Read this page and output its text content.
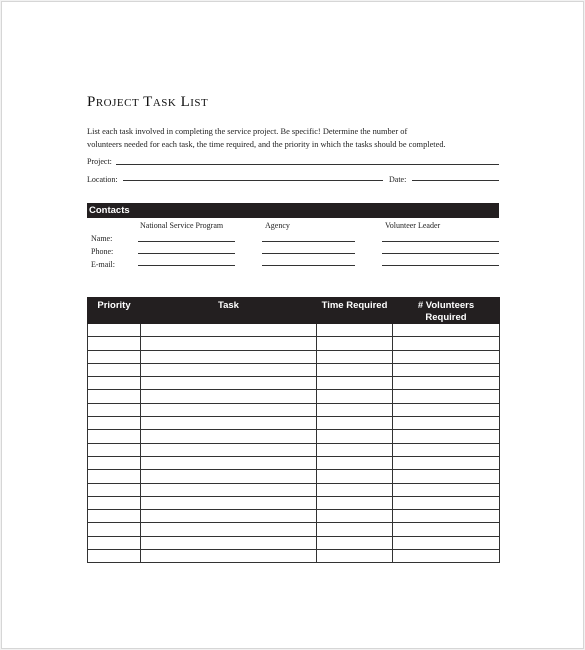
Project Task List
List each task involved in completing the service project. Be specific! Determine the number of
volunteers needed for each task, the time required, and the priority in which the tasks should be completed.
Project:
Location:	Date:
Contacts
National Service Program	Agency	Volunteer Leader
Name:
Phone:
E-mail:
Priority	Task	Time Required	# Volunteers
Required
